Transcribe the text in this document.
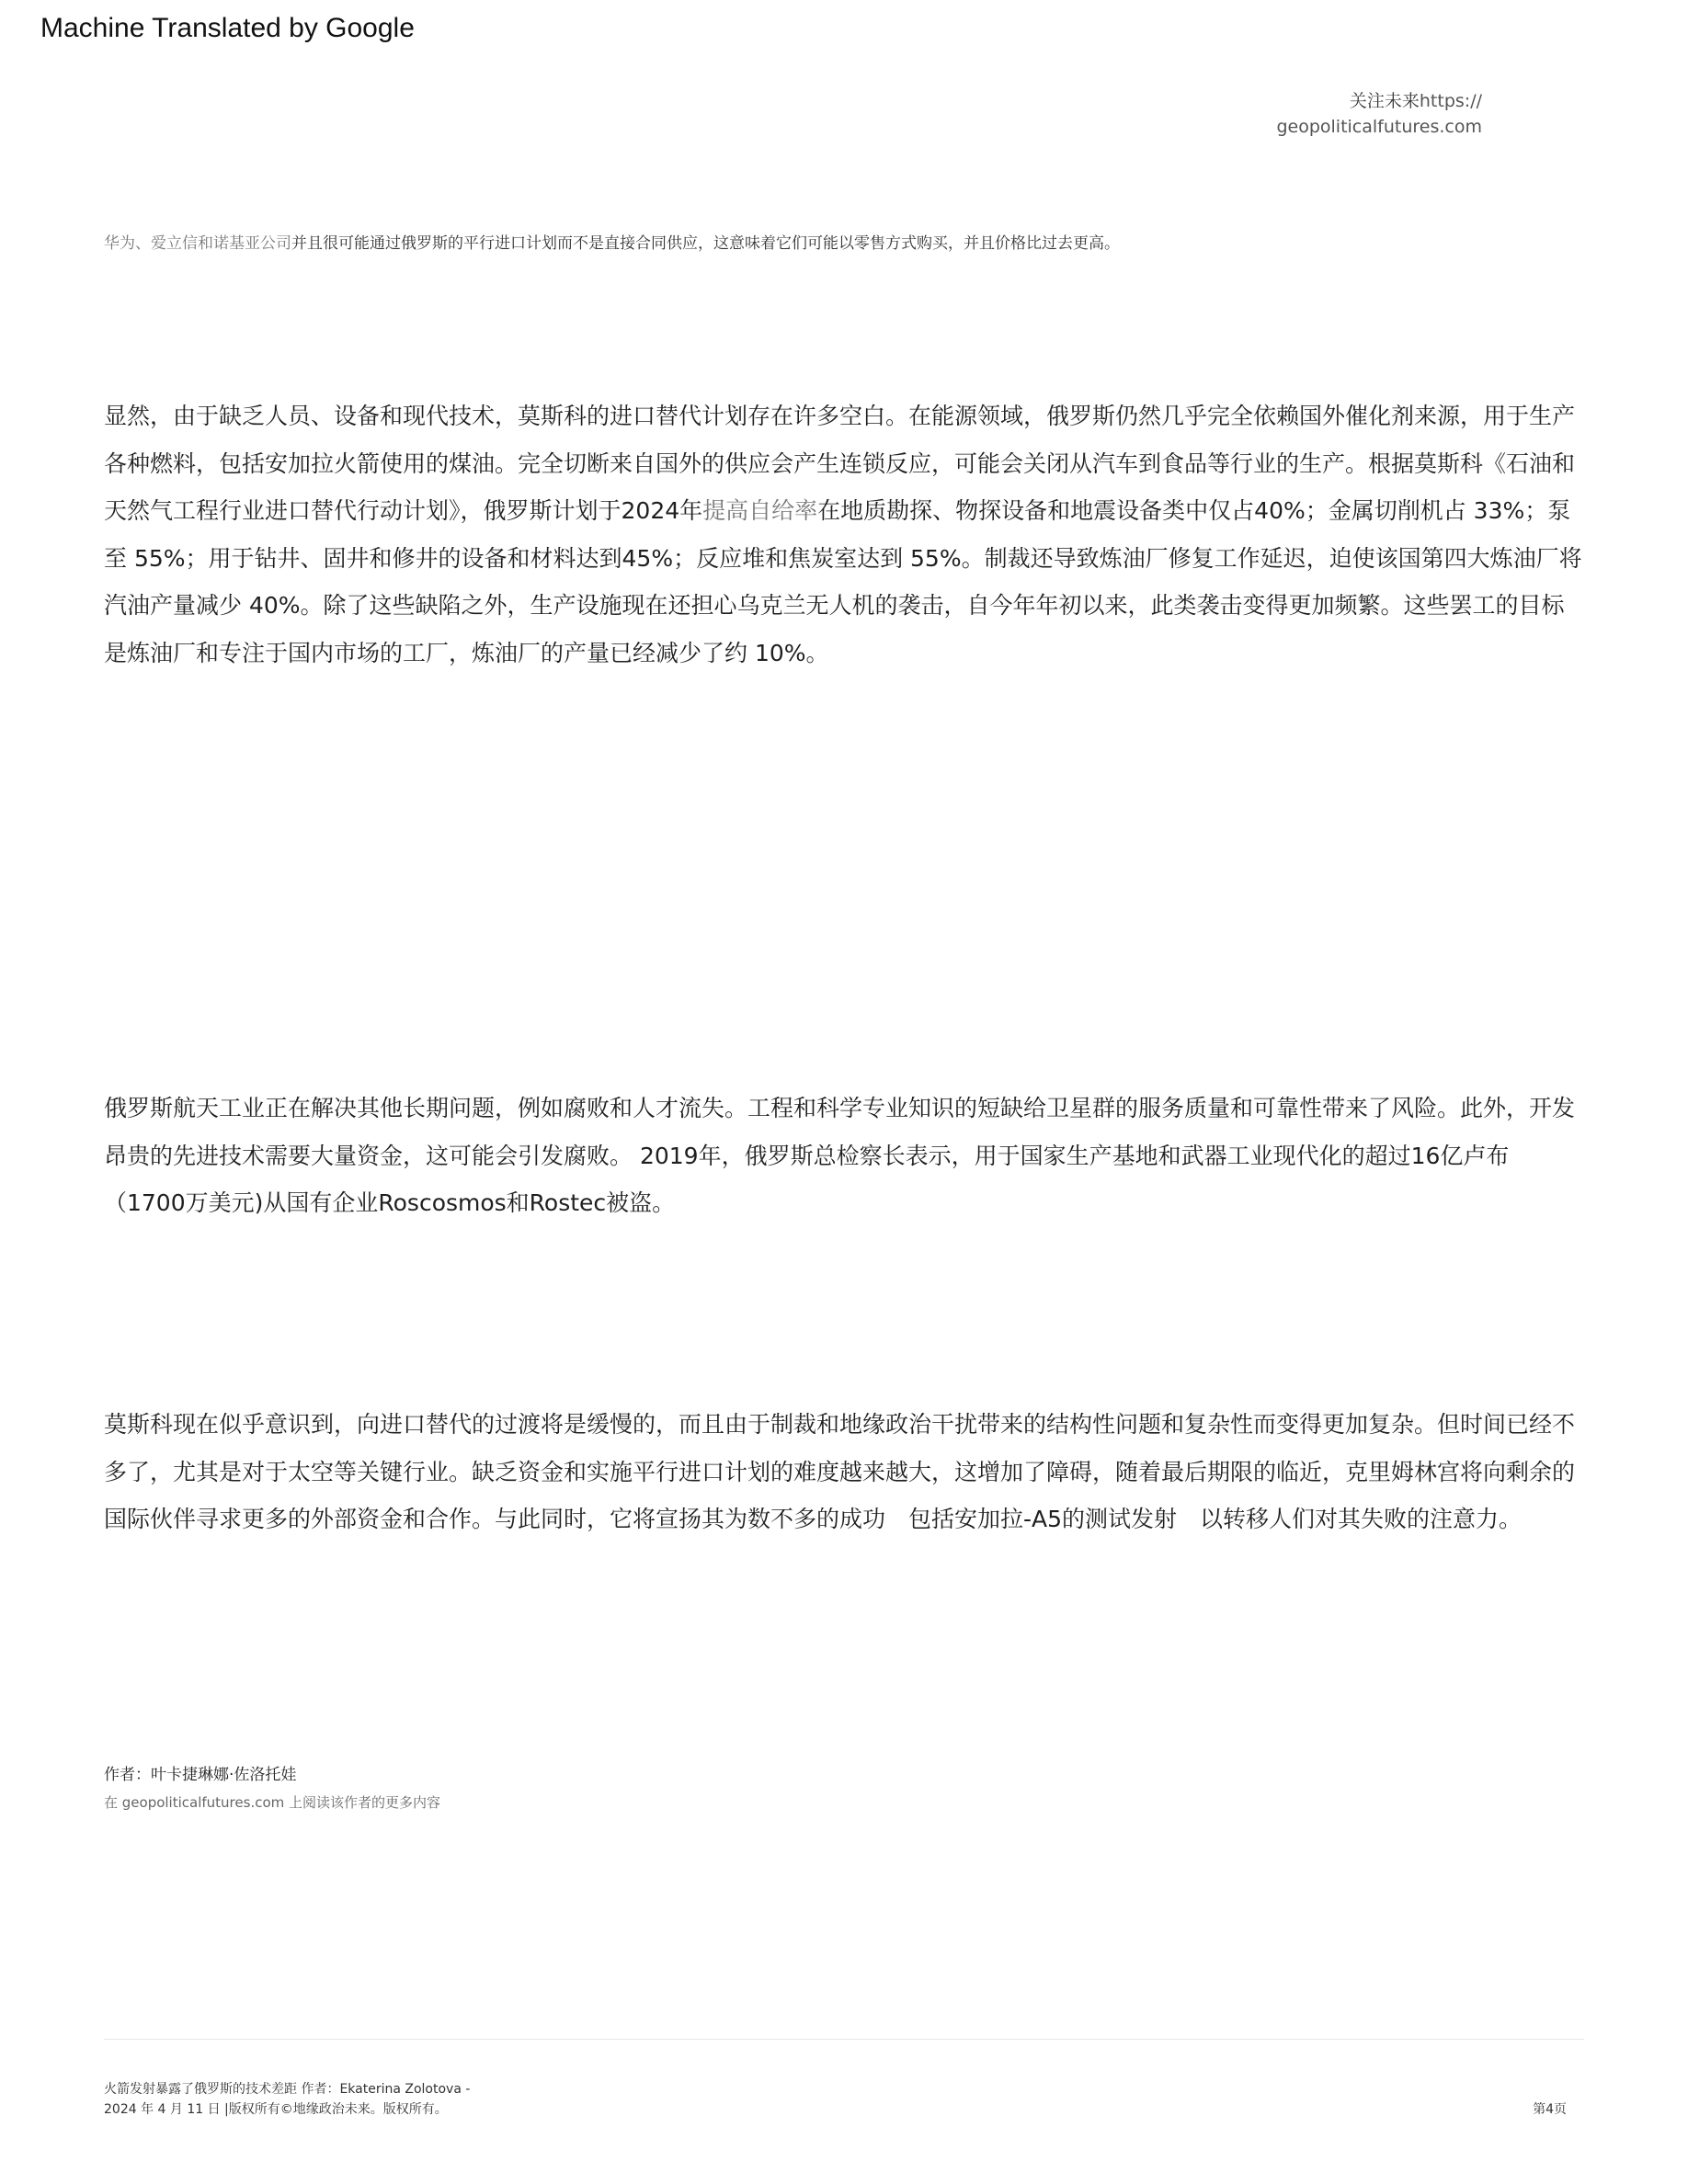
Machine Translated by Google
关注未来https://
geopoliticalfutures.com
华为、爱立信和诺基亚公司并且很可能通过俄罗斯的平行进口计划而不是直接合同供应，这意味着它们可能以零售方式购买，并且价格比过去更高。
显然，由于缺乏人员、设备和现代技术，莫斯科的进口替代计划存在许多空白。在能源领域，俄罗斯仍然几乎完全依赖国外催化剂来源，用于生产各种燃料，包括安加拉火箭使用的煤油。完全切断来自国外的供应会产生连锁反应，可能会关闭从汽车到食品等行业的生产。根据莫斯科《石油和天然气工程行业进口替代行动计划》，俄罗斯计划于2024年提高自给率在地质勘探、物探设备和地震设备类中仅占40%；金属切削机占 33%；泵至 55%；用于钻井、固井和修井的设备和材料达到45%；反应堆和焦炭室达到 55%。制裁还导致炼油厂修复工作延迟，迫使该国第四大炼油厂将汽油产量减少 40%。除了这些缺陷之外，生产设施现在还担心乌克兰无人机的袭击，自今年年初以来，此类袭击变得更加频繁。这些罢工的目标是炼油厂和专注于国内市场的工厂，炼油厂的产量已经减少了约 10%。
俄罗斯航天工业正在解决其他长期问题，例如腐败和人才流失。工程和科学专业知识的短缺给卫星群的服务质量和可靠性带来了风险。此外，开发昂贵的先进技术需要大量资金，这可能会引发腐败。 2019年，俄罗斯总检察长表示，用于国家生产基地和武器工业现代化的超过16亿卢布（1700万美元)从国有企业Roscosmos和Rostec被盗。
莫斯科现在似乎意识到，向进口替代的过渡将是缓慢的，而且由于制裁和地缘政治干扰带来的结构性问题和复杂性而变得更加复杂。但时间已经不多了，尤其是对于太空等关键行业。缺乏资金和实施平行进口计划的难度越来越大，这增加了障碍，随着最后期限的临近，克里姆林宫将向剩余的国际伙伴寻求更多的外部资金和合作。与此同时，它将宣扬其为数不多的成功　包括安加拉-A5的测试发射　以转移人们对其失败的注意力。
作者：叶卡捷琳娜·佐洛托娃
在 geopoliticalfutures.com 上阅读该作者的更多内容
火箭发射暴露了俄罗斯的技术差距 作者：Ekaterina Zolotova -
2024 年 4 月 11 日 |版权所有©地缘政治未来。版权所有。	第4页
